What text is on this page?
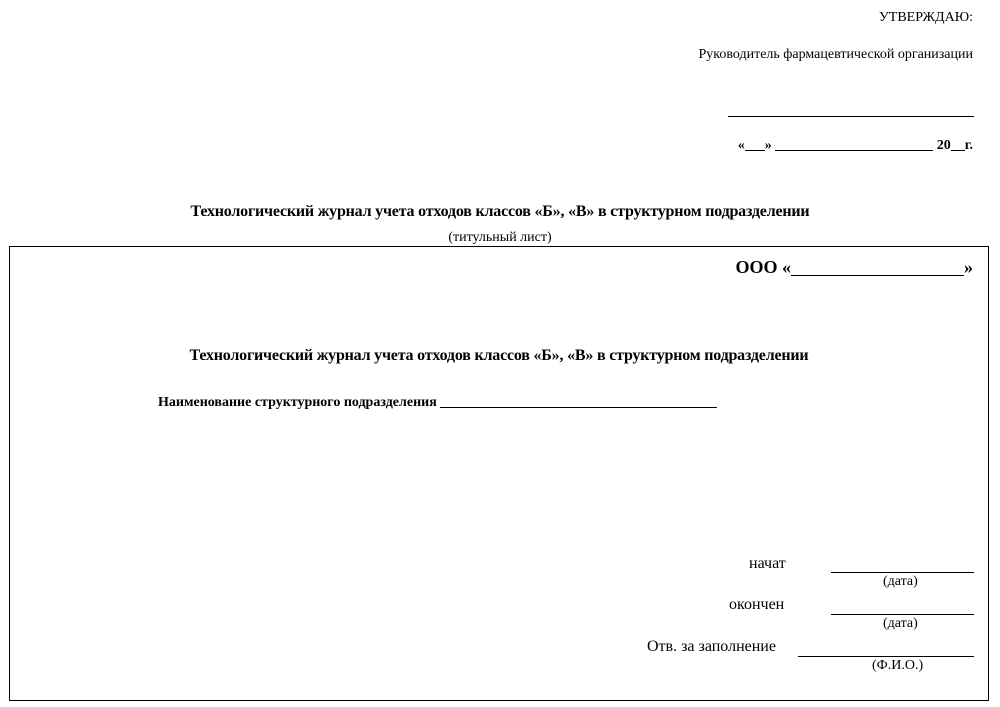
УТВЕРЖДАЮ:
Руководитель фармацевтической организации
« »	20 г.
Технологический журнал учета отходов классов «Б», «В» в структурном подразделении
(титульный лист)
ООО «	»
Технологический журнал учета отходов классов «Б», «В» в структурном подразделении
Наименование структурного подразделения
начат
(дата)
окончен
(дата)
Отв. за заполнение
(Ф.И.О.)
